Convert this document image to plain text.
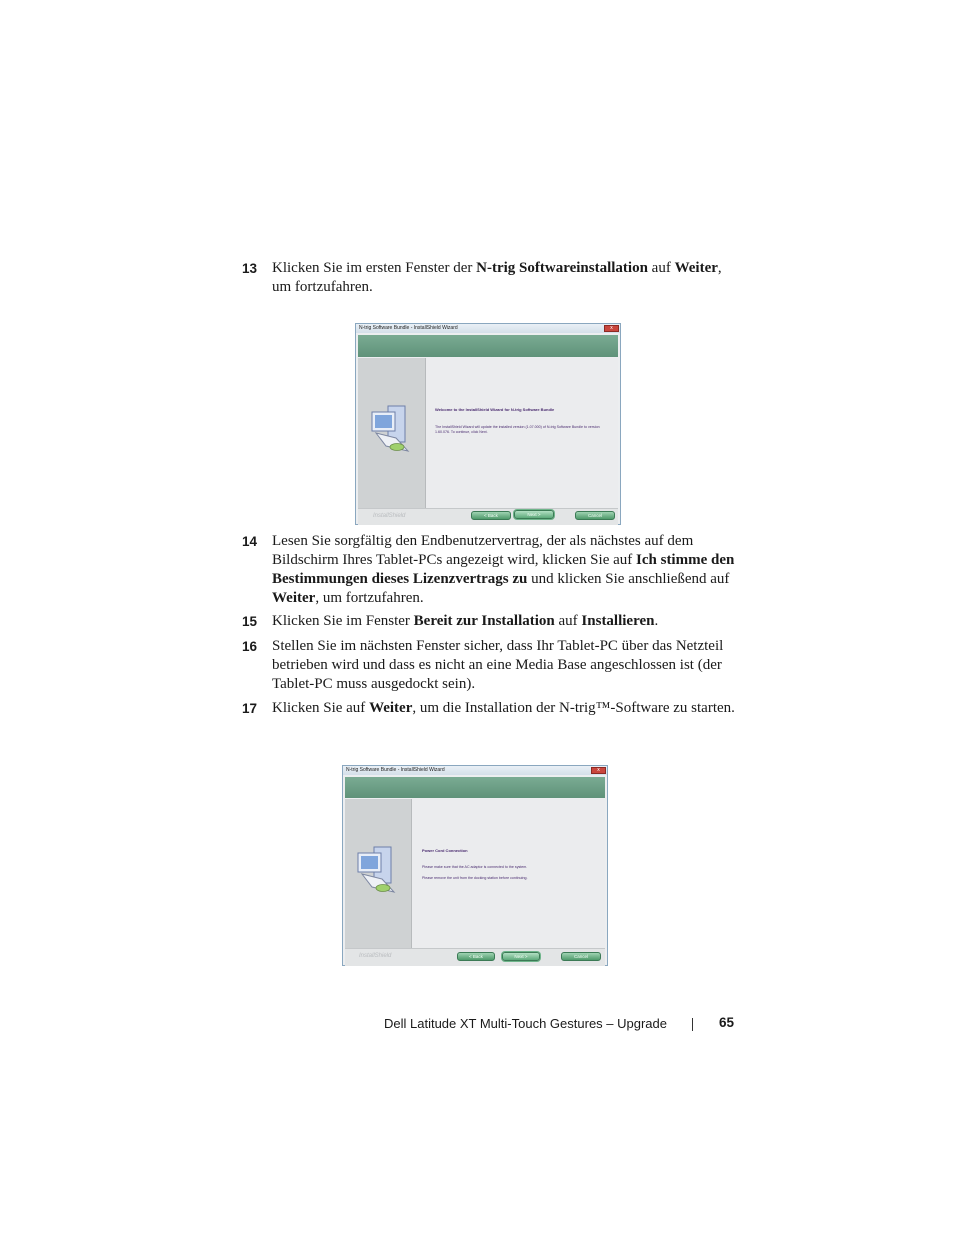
13 Klicken Sie im ersten Fenster der N-trig Softwareinstallation auf Weiter, um fortzufahren.
N-trig Software Bundle - InstallShield Wizard	x
Welcome to the InstallShield Wizard for N-trig Software Bundle
The InstallShield Wizard will update the installed version (1.07.000) of N-trig Software Bundle to version 1.60.076. To continue, click Next.
InstallShield	< Back	Next >	Cancel
14 Lesen Sie sorgfältig den Endbenutzervertrag, der als nächstes auf dem Bildschirm Ihres Tablet-PCs angezeigt wird, klicken Sie auf Ich stimme den Bestimmungen dieses Lizenzvertrags zu und klicken Sie anschließend auf Weiter, um fortzufahren.
15 Klicken Sie im Fenster Bereit zur Installation auf Installieren.
16 Stellen Sie im nächsten Fenster sicher, dass Ihr Tablet-PC über das Netzteil betrieben wird und dass es nicht an eine Media Base angeschlossen ist (der Tablet-PC muss ausgedockt sein).
17 Klicken Sie auf Weiter, um die Installation der N-trig™-Software zu starten.
N-trig Software Bundle - InstallShield Wizard	x
Power Cord Connection
Please make sure that the AC adaptor is connected to the system.
Please remove the unit from the docking station before continuing.
InstallShield	< Back	Next >	Cancel
Dell Latitude XT Multi-Touch Gestures – Upgrade	65
